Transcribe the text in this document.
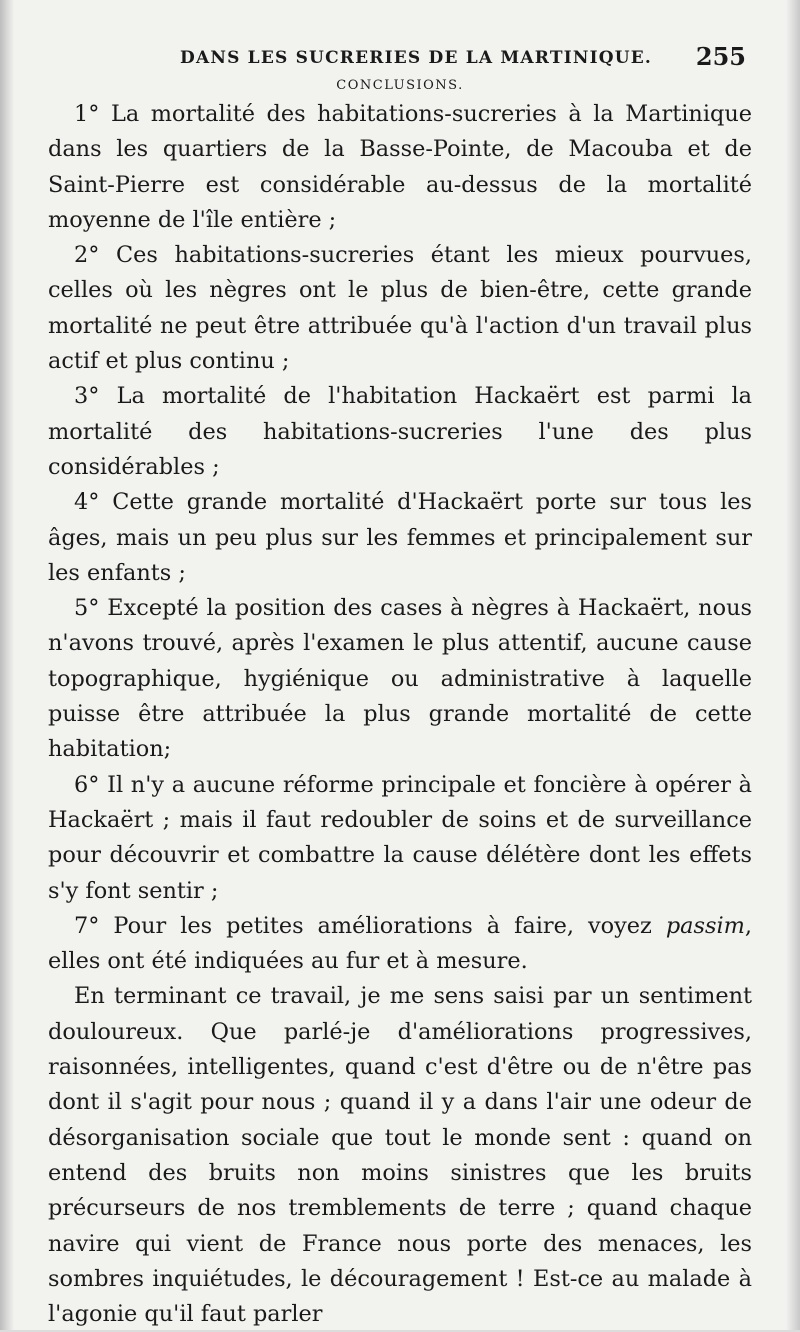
DANS LES SUCRERIES DE LA MARTINIQUE. 255
CONCLUSIONS.

1° La mortalité des habitations-sucreries à la Martinique dans les quartiers de la Basse-Pointe, de Macouba et de Saint-Pierre est considérable au-dessus de la mortalité moyenne de l'île entière ;

2° Ces habitations-sucreries étant les mieux pourvues, celles où les nègres ont le plus de bien-être, cette grande mortalité ne peut être attribuée qu'à l'action d'un travail plus actif et plus continu ;

3° La mortalité de l'habitation Hackaërt est parmi la mortalité des habitations-sucreries l'une des plus considérables ;

4° Cette grande mortalité d'Hackaërt porte sur tous les âges, mais un peu plus sur les femmes et principalement sur les enfants ;

5° Excepté la position des cases à nègres à Hackaërt, nous n'avons trouvé, après l'examen le plus attentif, aucune cause topographique, hygiénique ou administrative à laquelle puisse être attribuée la plus grande mortalité de cette habitation;

6° Il n'y a aucune réforme principale et foncière à opérer à Hackaërt ; mais il faut redoubler de soins et de surveillance pour découvrir et combattre la cause délétère dont les effets s'y font sentir ;

7° Pour les petites améliorations à faire, voyez passim, elles ont été indiquées au fur et à mesure.

En terminant ce travail, je me sens saisi par un sentiment douloureux. Que parlé-je d'améliorations progressives, raisonnées, intelligentes, quand c'est d'être ou de n'être pas dont il s'agit pour nous ; quand il y a dans l'air une odeur de désorganisation sociale que tout le monde sent : quand on entend des bruits non moins sinistres que les bruits précurseurs de nos tremblements de terre ; quand chaque navire qui vient de France nous porte des menaces, les sombres inquiétudes, le découragement ! Est-ce au malade à l'agonie qu'il faut parler
